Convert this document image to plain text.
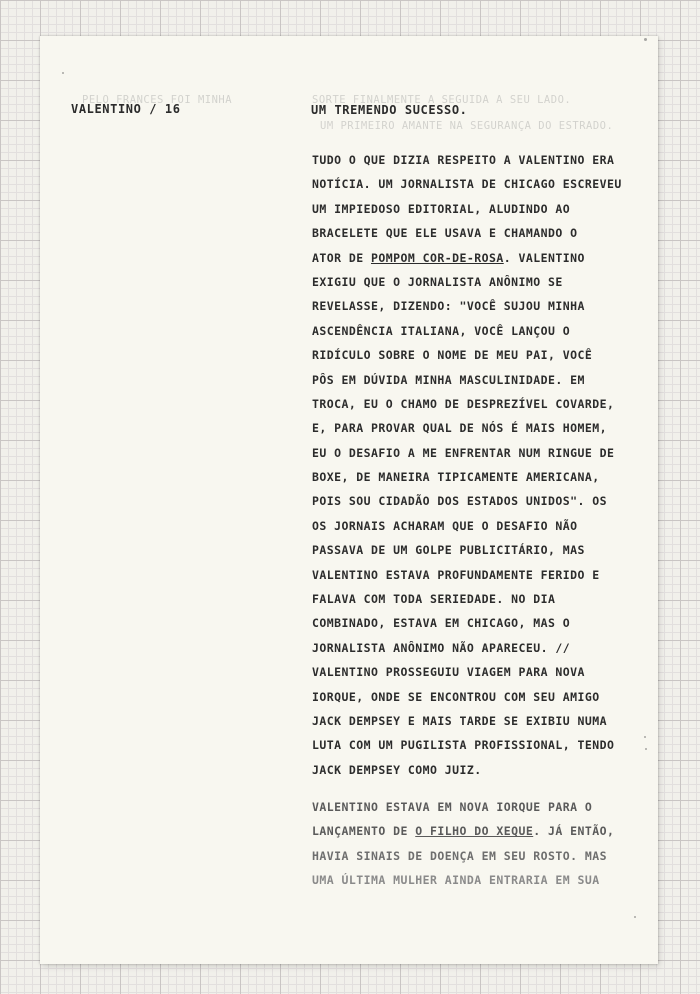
PELO FRANCES FOI MINHA	SORTE FINALMENTE A SEGUIDA A SEU LADO.
UM PRIMEIRO AMANTE NA SEGURANÇA DO ESTRADO.
VALENTINO / 16	UM TREMENDO SUCESSO.
TUDO O QUE DIZIA RESPEITO A VALENTINO ERA
NOTÍCIA. UM JORNALISTA DE CHICAGO ESCREVEU
UM IMPIEDOSO EDITORIAL, ALUDINDO AO
BRACELETE QUE ELE USAVA E CHAMANDO O
ATOR DE POMPOM COR-DE-ROSA. VALENTINO
EXIGIU QUE O JORNALISTA ANÔNIMO SE
REVELASSE, DIZENDO: "VOCÊ SUJOU MINHA
ASCENDÊNCIA ITALIANA, VOCÊ LANÇOU O
RIDÍCULO SOBRE O NOME DE MEU PAI, VOCÊ
PÔS EM DÚVIDA MINHA MASCULINIDADE. EM
TROCA, EU O CHAMO DE DESPREZÍVEL COVARDE,
E, PARA PROVAR QUAL DE NÓS É MAIS HOMEM,
EU O DESAFIO A ME ENFRENTAR NUM RINGUE DE
BOXE, DE MANEIRA TIPICAMENTE AMERICANA,
POIS SOU CIDADÃO DOS ESTADOS UNIDOS". OS
OS JORNAIS ACHARAM QUE O DESAFIO NÃO
PASSAVA DE UM GOLPE PUBLICITÁRIO, MAS
VALENTINO ESTAVA PROFUNDAMENTE FERIDO E
FALAVA COM TODA SERIEDADE. NO DIA
COMBINADO, ESTAVA EM CHICAGO, MAS O
JORNALISTA ANÔNIMO NÃO APARECEU. //
VALENTINO PROSSEGUIU VIAGEM PARA NOVA
IORQUE, ONDE SE ENCONTROU COM SEU AMIGO
JACK DEMPSEY E MAIS TARDE SE EXIBIU NUMA
LUTA COM UM PUGILISTA PROFISSIONAL, TENDO
JACK DEMPSEY COMO JUIZ.
VALENTINO ESTAVA EM NOVA IORQUE PARA O
LANÇAMENTO DE O FILHO DO XEQUE. JÁ ENTÃO,
HAVIA SINAIS DE DOENÇA EM SEU ROSTO. MAS
UMA ÚLTIMA MULHER AINDA ENTRARIA EM SUA
